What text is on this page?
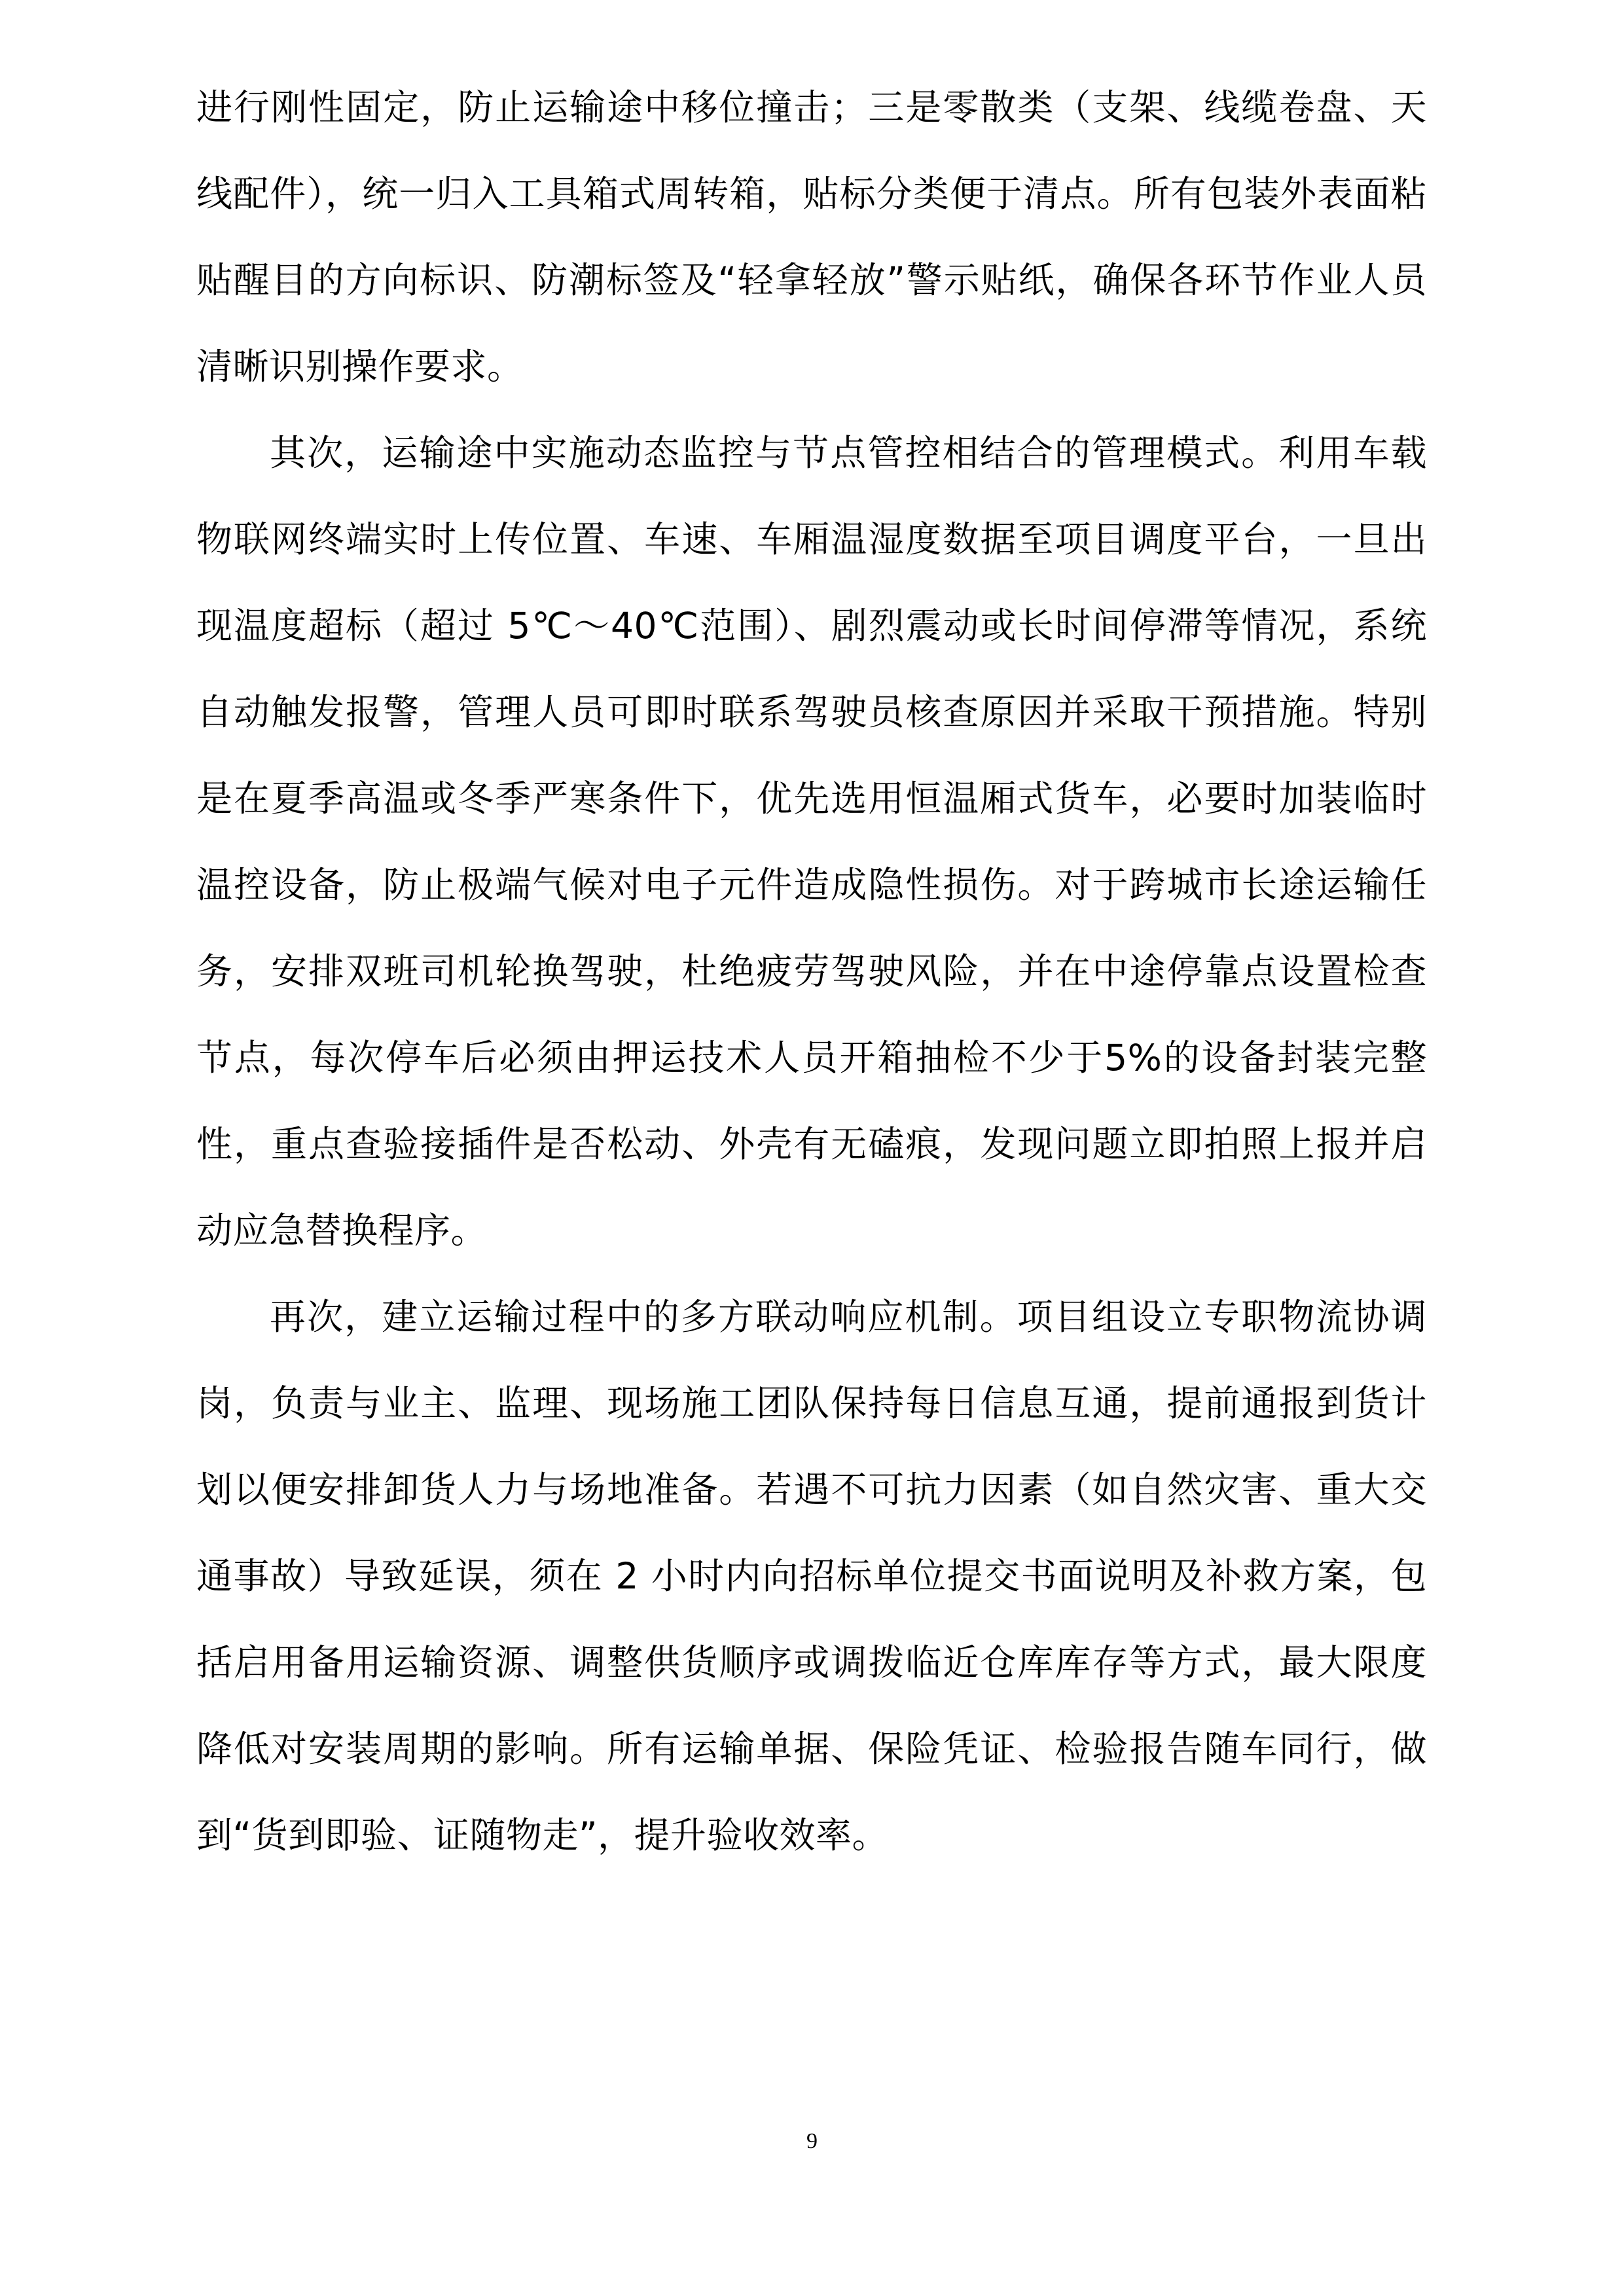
进行刚性固定，防止运输途中移位撞击；三是零散类（支架、线缆卷盘、天线配件），统一归入工具箱式周转箱，贴标分类便于清点。所有包装外表面粘贴醒目的方向标识、防潮标签及“轻拿轻放”警示贴纸，确保各环节作业人员清晰识别操作要求。

其次，运输途中实施动态监控与节点管控相结合的管理模式。利用车载物联网终端实时上传位置、车速、车厢温湿度数据至项目调度平台，一旦出现温度超标（超过 5℃～40℃范围）、剧烈震动或长时间停滞等情况，系统自动触发报警，管理人员可即时联系驾驶员核查原因并采取干预措施。特别是在夏季高温或冬季严寒条件下，优先选用恒温厢式货车，必要时加装临时温控设备，防止极端气候对电子元件造成隐性损伤。对于跨城市长途运输任务，安排双班司机轮换驾驶，杜绝疲劳驾驶风险，并在中途停靠点设置检查节点，每次停车后必须由押运技术人员开箱抽检不少于5%的设备封装完整性，重点查验接插件是否松动、外壳有无磕痕，发现问题立即拍照上报并启动应急替换程序。

再次，建立运输过程中的多方联动响应机制。项目组设立专职物流协调岗，负责与业主、监理、现场施工团队保持每日信息互通，提前通报到货计划以便安排卸货人力与场地准备。若遇不可抗力因素（如自然灾害、重大交通事故）导致延误，须在 2 小时内向招标单位提交书面说明及补救方案，包括启用备用运输资源、调整供货顺序或调拨临近仓库库存等方式，最大限度降低对安装周期的影响。所有运输单据、保险凭证、检验报告随车同行，做到“货到即验、证随物走”，提升验收效率。

9
